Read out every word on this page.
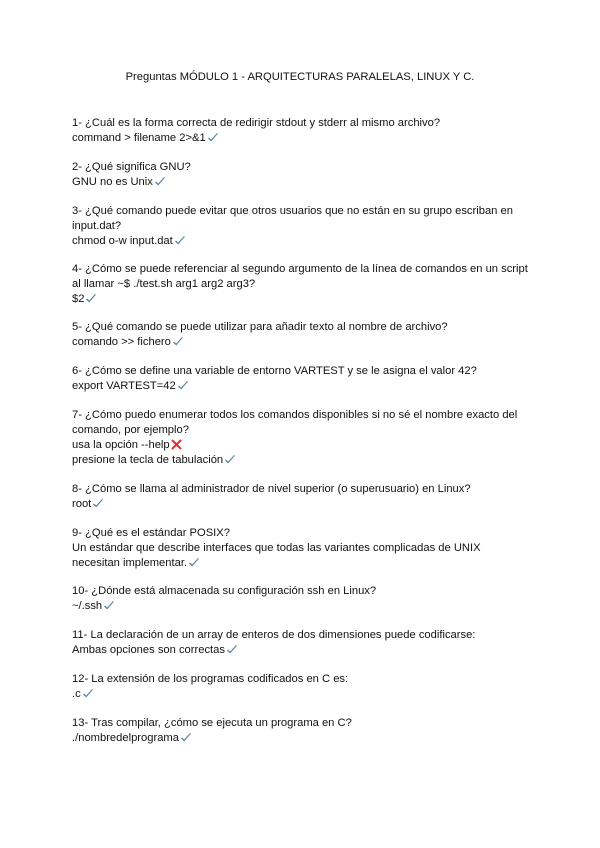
Preguntas MÓDULO 1 - ARQUITECTURAS PARALELAS, LINUX Y C.
1- ¿Cuál es la forma correcta de redirigir stdout y stderr al mismo archivo?
command > filename 2>&1
2- ¿Qué significa GNU?
GNU no es Unix
3- ¿Qué comando puede evitar que otros usuarios que no están en su grupo escriban en input.dat?
chmod o-w input.dat
4- ¿Cómo se puede referenciar al segundo argumento de la línea de comandos en un script al llamar ~$ ./test.sh arg1 arg2 arg3?
$2
5- ¿Qué comando se puede utilizar para añadir texto al nombre de archivo?
comando >> fichero
6- ¿Cómo se define una variable de entorno VARTEST y se le asigna el valor 42?
export VARTEST=42
7- ¿Cómo puedo enumerar todos los comandos disponibles si no sé el nombre exacto del comando, por ejemplo?
usa la opción --help
presione la tecla de tabulación
8- ¿Cómo se llama al administrador de nivel superior (o superusuario) en Linux?
root
9- ¿Qué es el estándar POSIX?
Un estándar que describe interfaces que todas las variantes complicadas de UNIX necesitan implementar.
10- ¿Dónde está almacenada su configuración ssh en Linux?
~/.ssh
11- La declaración de un array de enteros de dos dimensiones puede codificarse:
Ambas opciones son correctas
12- La extensión de los programas codificados en C es:
.c
13- Tras compilar, ¿cómo se ejecuta un programa en C?
./nombredelprograma
